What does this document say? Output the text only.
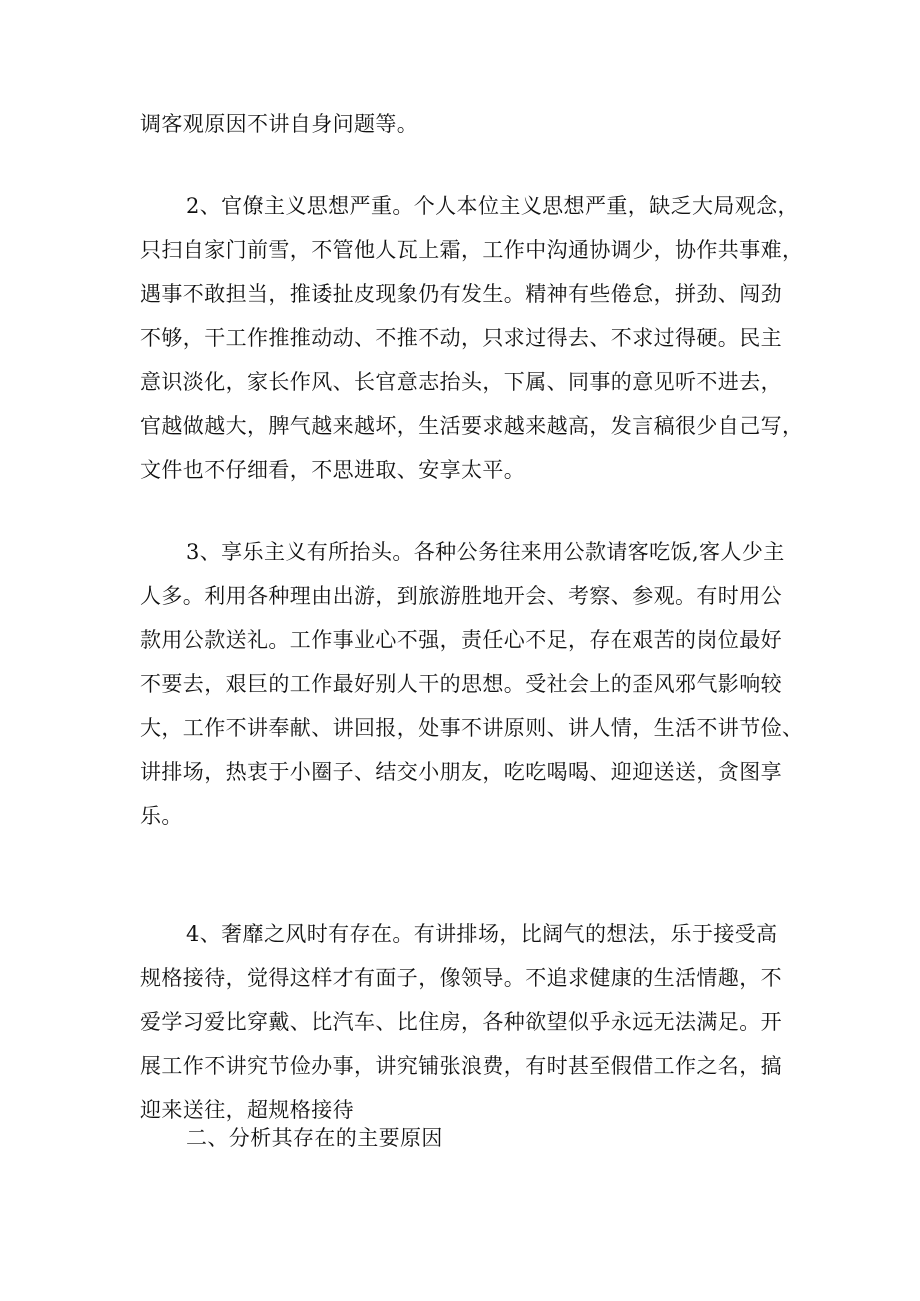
调客观原因不讲自身问题等。
2、官僚主义思想严重。个人本位主义思想严重，缺乏大局观念，
只扫自家门前雪，不管他人瓦上霜，工作中沟通协调少，协作共事难，
遇事不敢担当，推诿扯皮现象仍有发生。精神有些倦怠，拼劲、闯劲
不够，干工作推推动动、不推不动，只求过得去、不求过得硬。民主
意识淡化，家长作风、长官意志抬头，下属、同事的意见听不进去，
官越做越大，脾气越来越坏，生活要求越来越高，发言稿很少自己写，
文件也不仔细看，不思进取、安享太平。
3、享乐主义有所抬头。各种公务往来用公款请客吃饭,客人少主
人多。利用各种理由出游，到旅游胜地开会、考察、参观。有时用公
款用公款送礼。工作事业心不强，责任心不足，存在艰苦的岗位最好
不要去，艰巨的工作最好别人干的思想。受社会上的歪风邪气影响较
大，工作不讲奉献、讲回报，处事不讲原则、讲人情，生活不讲节俭、
讲排场，热衷于小圈子、结交小朋友，吃吃喝喝、迎迎送送，贪图享
乐。
4、奢靡之风时有存在。有讲排场，比阔气的想法，乐于接受高
规格接待，觉得这样才有面子，像领导。不追求健康的生活情趣，不
爱学习爱比穿戴、比汽车、比住房，各种欲望似乎永远无法满足。开
展工作不讲究节俭办事，讲究铺张浪费，有时甚至假借工作之名，搞
迎来送往，超规格接待
二、分析其存在的主要原因
